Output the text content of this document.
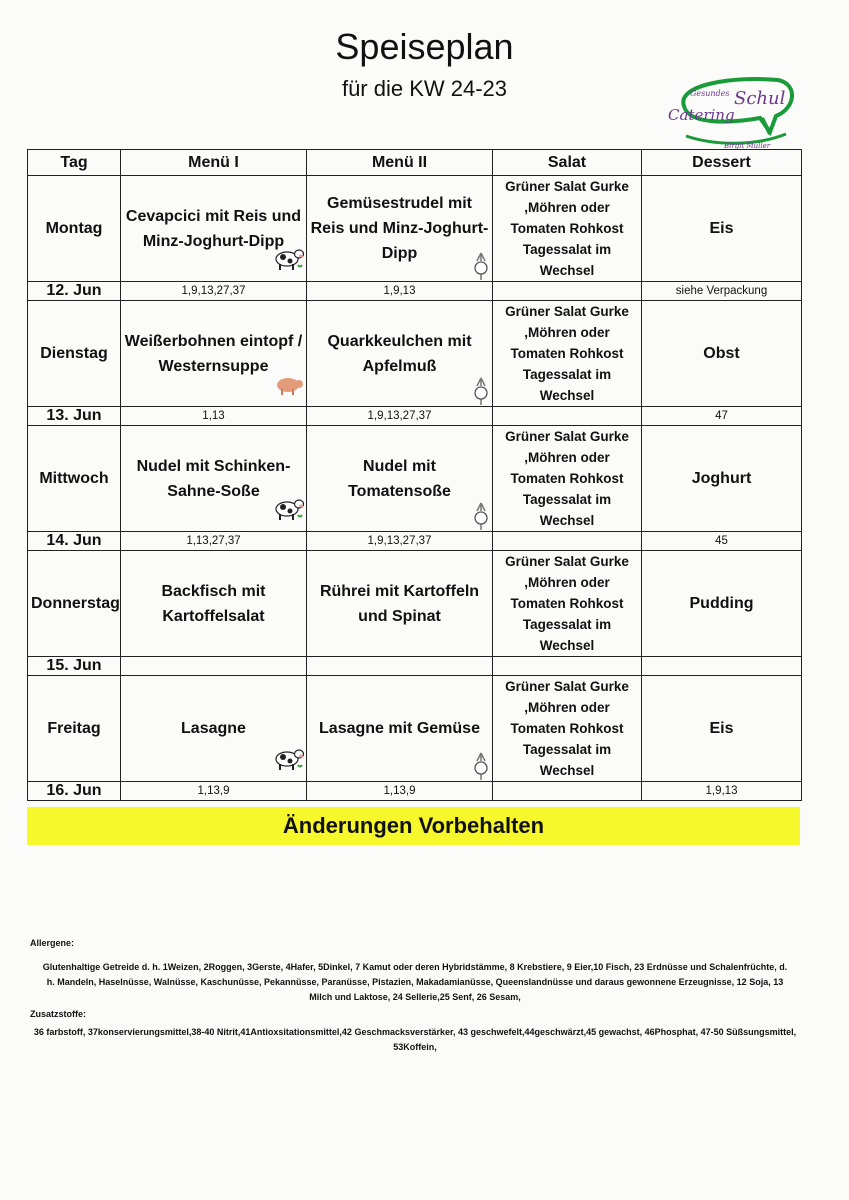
Speiseplan

für die KW 24-23	Gesundes Schul
Catering
Birgit Müller
Tag	Menü I	Menü II	Salat	Dessert
Montag	Cevapcici mit Reis und Minz-Joghurt-Dipp	Gemüsestrudel mit Reis und Minz-Joghurt-Dipp	Grüner Salat Gurke ,Möhren oder Tomaten Rohkost Tagessalat im Wechsel	Eis
12. Jun	1,9,13,27,37	1,9,13		siehe Verpackung
Dienstag	Weißerbohnen eintopf / Westernsuppe	Quarkkeulchen mit Apfelmuß	Grüner Salat Gurke ,Möhren oder Tomaten Rohkost Tagessalat im Wechsel	Obst
13. Jun	1,13	1,9,13,27,37		47
Mittwoch	Nudel mit Schinken-Sahne-Soße	Nudel mit Tomatensoße	Grüner Salat Gurke ,Möhren oder Tomaten Rohkost Tagessalat im Wechsel	Joghurt
14. Jun	1,13,27,37	1,9,13,27,37		45
Donnerstag	Backfisch mit Kartoffelsalat	Rührei mit Kartoffeln und Spinat	Grüner Salat Gurke ,Möhren oder Tomaten Rohkost Tagessalat im Wechsel	Pudding
15. Jun				
Freitag	Lasagne	Lasagne mit Gemüse	Grüner Salat Gurke ,Möhren oder Tomaten Rohkost Tagessalat im Wechsel	Eis
16. Jun	1,13,9	1,13,9		1,9,13
Änderungen Vorbehalten

Allergene:

Glutenhaltige Getreide d. h. 1Weizen, 2Roggen, 3Gerste, 4Hafer, 5Dinkel, 7 Kamut oder deren Hybridstämme, 8 Krebstiere, 9 Eier,10 Fisch, 23 Erdnüsse und Schalenfrüchte, d. h. Mandeln, Haselnüsse, Walnüsse, Kaschunüsse, Pekannüsse, Paranüsse, Pistazien, Makadamianüsse, Queenslandnüsse und daraus gewonnene Erzeugnisse, 12 Soja, 13 Milch und Laktose, 24 Sellerie,25 Senf, 26 Sesam,

Zusatzstoffe:

36 farbstoff, 37konservierungsmittel,38-40 Nitrit,41Antioxsitationsmittel,42 Geschmacksverstärker, 43 geschwefelt,44geschwärzt,45 gewachst, 46Phosphat, 47-50 Süßsungsmittel, 53Koffein,
